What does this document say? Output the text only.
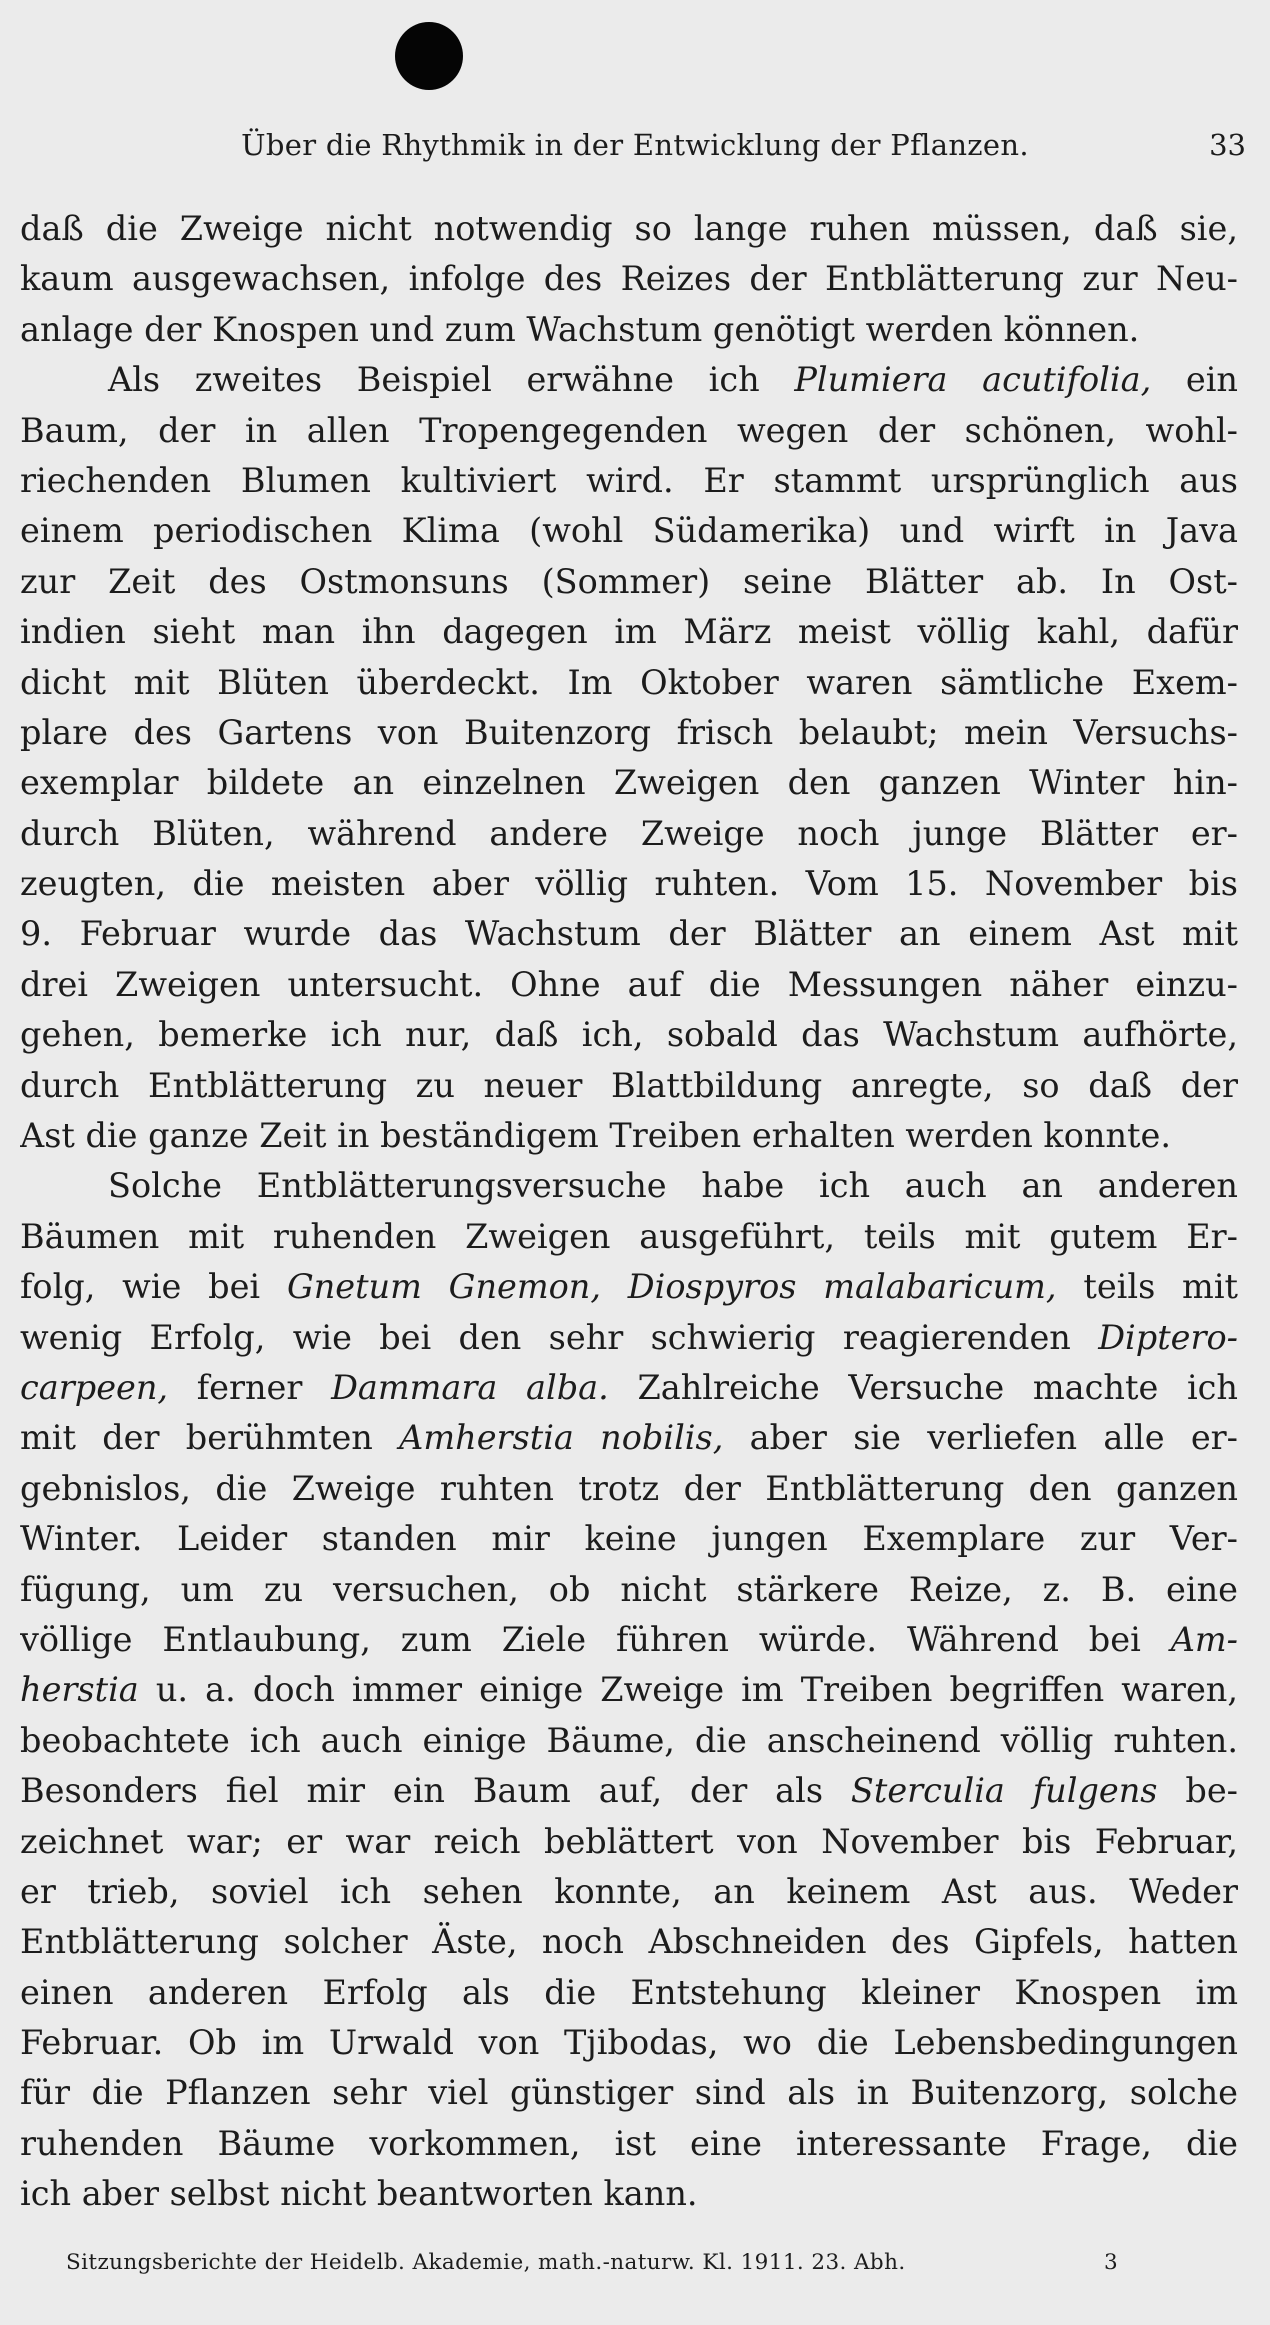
Über die Rhythmik in der Entwicklung der Pflanzen.	33
daß die Zweige nicht notwendig so lange ruhen müssen, daß sie,
kaum ausgewachsen, infolge des Reizes der Entblätterung zur Neu-
anlage der Knospen und zum Wachstum genötigt werden können.
Als zweites Beispiel erwähne ich Plumiera acutifolia, ein
Baum, der in allen Tropengegenden wegen der schönen, wohl-
riechenden Blumen kultiviert wird. Er stammt ursprünglich aus
einem periodischen Klima (wohl Südamerika) und wirft in Java
zur Zeit des Ostmonsuns (Sommer) seine Blätter ab. In Ost-
indien sieht man ihn dagegen im März meist völlig kahl, dafür
dicht mit Blüten überdeckt. Im Oktober waren sämtliche Exem-
plare des Gartens von Buitenzorg frisch belaubt; mein Versuchs-
exemplar bildete an einzelnen Zweigen den ganzen Winter hin-
durch Blüten, während andere Zweige noch junge Blätter er-
zeugten, die meisten aber völlig ruhten. Vom 15. November bis
9. Februar wurde das Wachstum der Blätter an einem Ast mit
drei Zweigen untersucht. Ohne auf die Messungen näher einzu-
gehen, bemerke ich nur, daß ich, sobald das Wachstum aufhörte,
durch Entblätterung zu neuer Blattbildung anregte, so daß der
Ast die ganze Zeit in beständigem Treiben erhalten werden konnte.
Solche Entblätterungsversuche habe ich auch an anderen
Bäumen mit ruhenden Zweigen ausgeführt, teils mit gutem Er-
folg, wie bei Gnetum Gnemon, Diospyros malabaricum, teils mit
wenig Erfolg, wie bei den sehr schwierig reagierenden Diptero-
carpeen, ferner Dammara alba. Zahlreiche Versuche machte ich
mit der berühmten Amherstia nobilis, aber sie verliefen alle er-
gebnislos, die Zweige ruhten trotz der Entblätterung den ganzen
Winter. Leider standen mir keine jungen Exemplare zur Ver-
fügung, um zu versuchen, ob nicht stärkere Reize, z. B. eine
völlige Entlaubung, zum Ziele führen würde. Während bei Am-
herstia u. a. doch immer einige Zweige im Treiben begriffen waren,
beobachtete ich auch einige Bäume, die anscheinend völlig ruhten.
Besonders fiel mir ein Baum auf, der als Sterculia fulgens be-
zeichnet war; er war reich beblättert von November bis Februar,
er trieb, soviel ich sehen konnte, an keinem Ast aus. Weder
Entblätterung solcher Äste, noch Abschneiden des Gipfels, hatten
einen anderen Erfolg als die Entstehung kleiner Knospen im
Februar. Ob im Urwald von Tjibodas, wo die Lebensbedingungen
für die Pflanzen sehr viel günstiger sind als in Buitenzorg, solche
ruhenden Bäume vorkommen, ist eine interessante Frage, die
ich aber selbst nicht beantworten kann.
Sitzungsberichte der Heidelb. Akademie, math.-naturw. Kl. 1911. 23. Abh.	3
